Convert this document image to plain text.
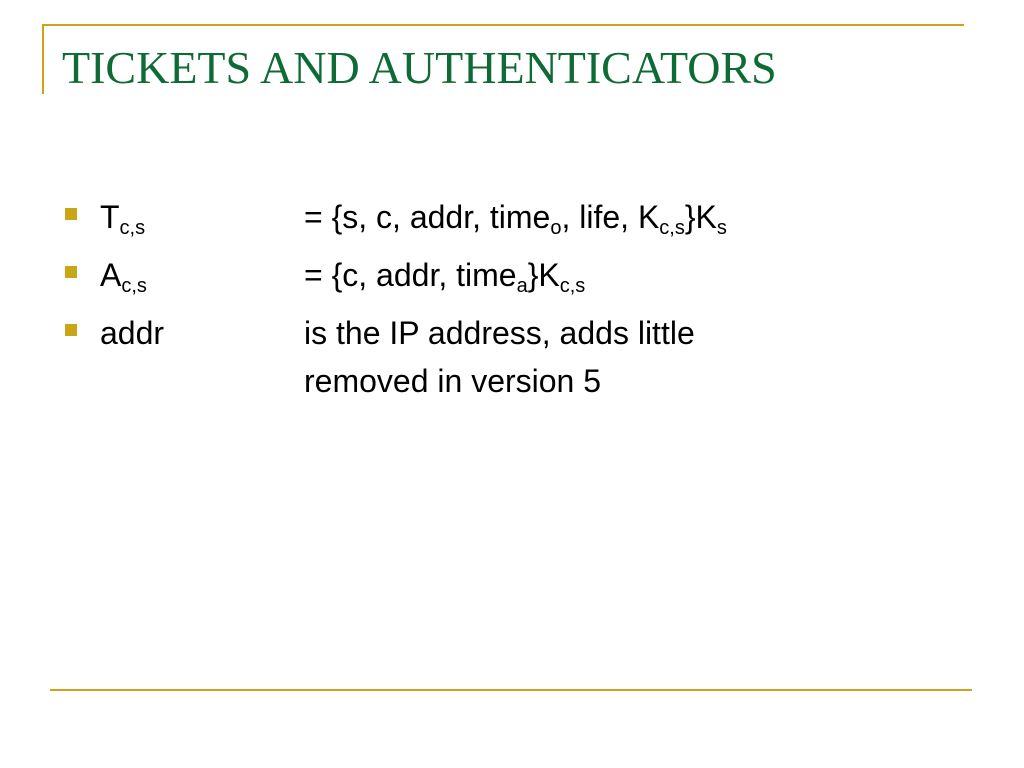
TICKETS AND AUTHENTICATORS
$T_{c,s}$	= {s, c, addr, time$_o$, life, $K_{c,s}\}K_s$
$A_{c,s}$	= {c, addr, $time_a\}K_{c,s}$
addr	is the IP address, adds little
removed in version 5
